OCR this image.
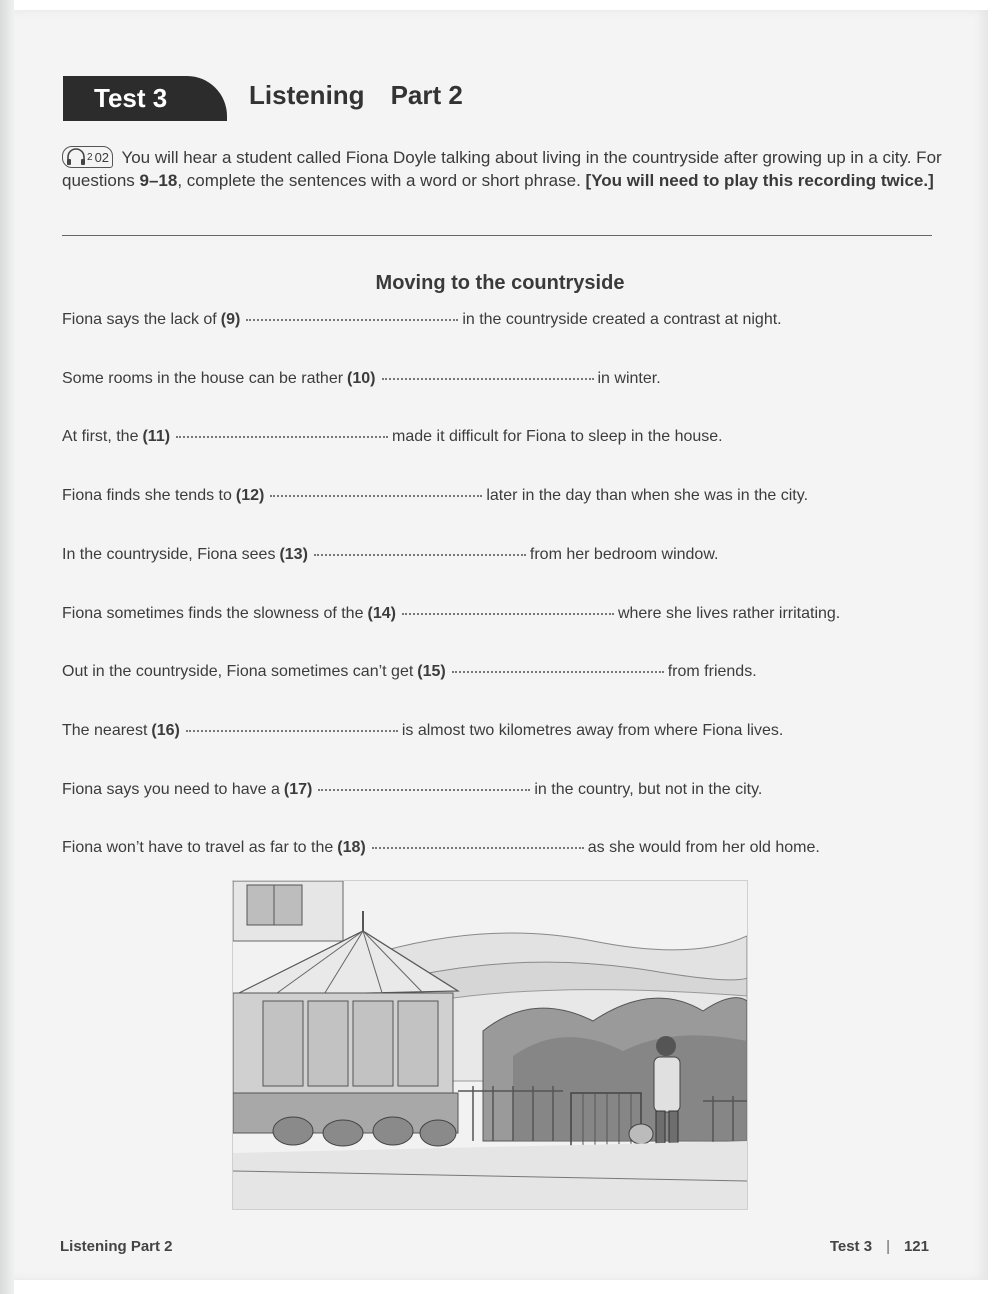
Test 3	Listening Part 2
2 02 You will hear a student called Fiona Doyle talking about living in the countryside after growing up in a city. For questions 9–18, complete the sentences with a word or short phrase. [You will need to play this recording twice.]
Moving to the countryside
Fiona says the lack of (9)	in the countryside created a contrast at night.
Some rooms in the house can be rather (10)	in winter.
At first, the (11)	made it difficult for Fiona to sleep in the house.
Fiona finds she tends to (12)	later in the day than when she was in the city.
In the countryside, Fiona sees (13)	from her bedroom window.
Fiona sometimes finds the slowness of the (14)	where she lives rather irritating.
Out in the countryside, Fiona sometimes can’t get (15)	from friends.
The nearest (16)	is almost two kilometres away from where Fiona lives.
Fiona says you need to have a (17)	in the country, but not in the city.
Fiona won’t have to travel as far to the (18)	as she would from her old home.
Listening Part 2	Test 3 | 121
